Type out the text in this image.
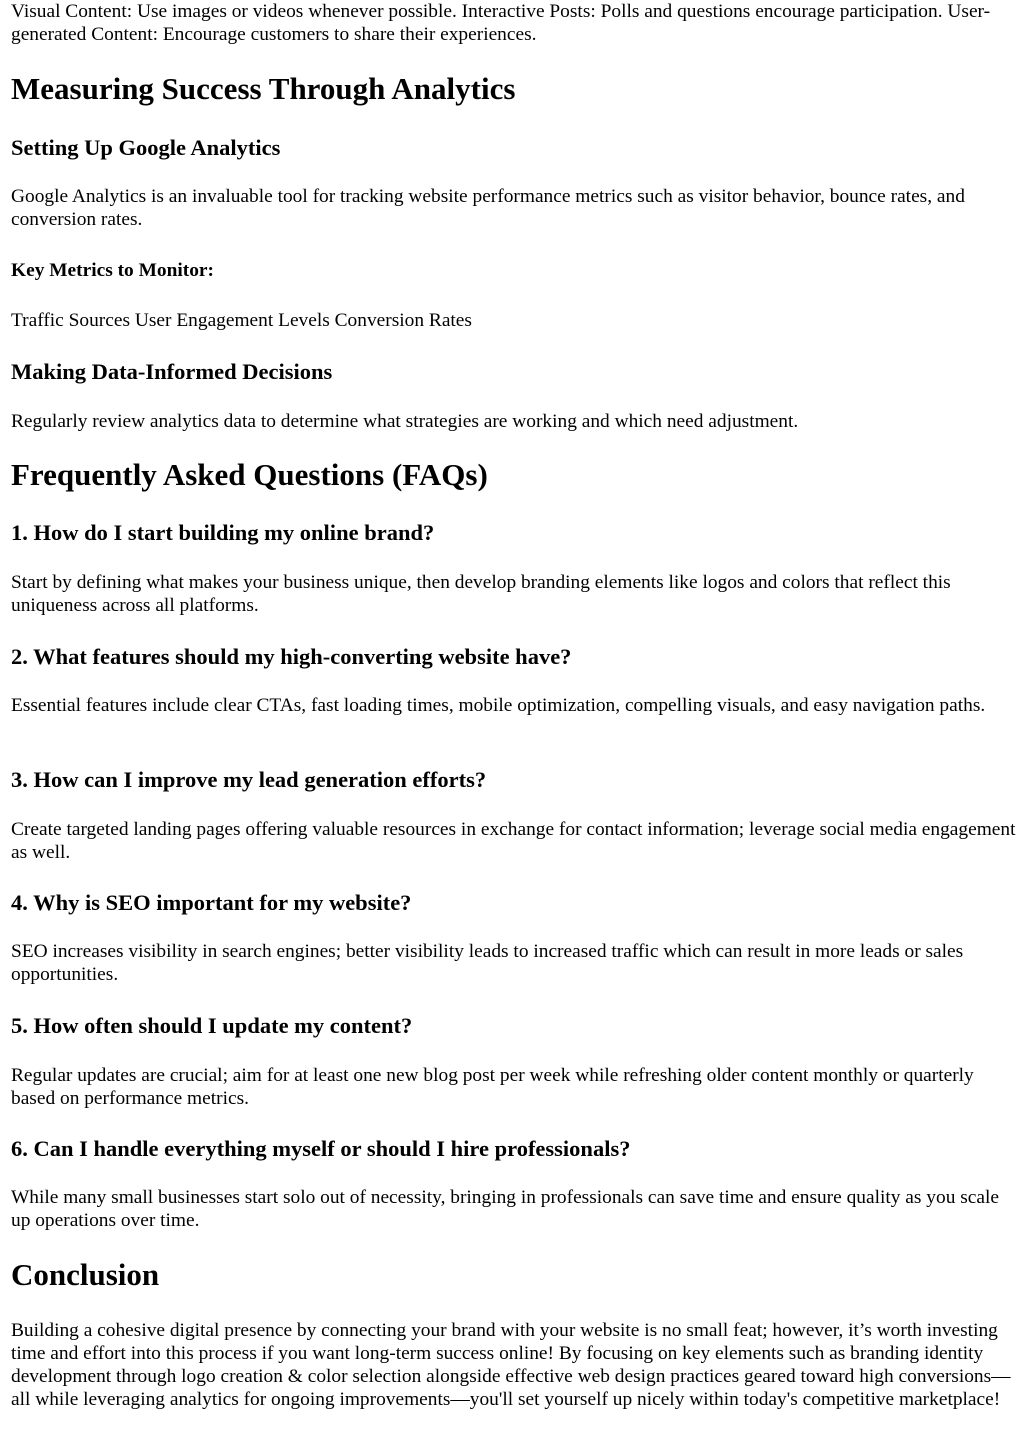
Visual Content: Use images or videos whenever possible. Interactive Posts: Polls and questions encourage participation. User-generated Content: Encourage customers to share their experiences.

Measuring Success Through Analytics
Setting Up Google Analytics

Google Analytics is an invaluable tool for tracking website performance metrics such as visitor behavior, bounce rates, and conversion rates.

Key Metrics to Monitor:

Traffic Sources User Engagement Levels Conversion Rates

Making Data-Informed Decisions

Regularly review analytics data to determine what strategies are working and which need adjustment.

Frequently Asked Questions (FAQs)
1. How do I start building my online brand?

Start by defining what makes your business unique, then develop branding elements like logos and colors that reflect this uniqueness across all platforms.

2. What features should my high-converting website have?

Essential features include clear CTAs, fast loading times, mobile optimization, compelling visuals, and easy navigation paths.

3. How can I improve my lead generation efforts?

Create targeted landing pages offering valuable resources in exchange for contact information; leverage social media engagement as well.

4. Why is SEO important for my website?

SEO increases visibility in search engines; better visibility leads to increased traffic which can result in more leads or sales opportunities.

5. How often should I update my content?

Regular updates are crucial; aim for at least one new blog post per week while refreshing older content monthly or quarterly based on performance metrics.

6. Can I handle everything myself or should I hire professionals?

While many small businesses start solo out of necessity, bringing in professionals can save time and ensure quality as you scale up operations over time.

Conclusion

Building a cohesive digital presence by connecting your brand with your website is no small feat; however, it’s worth investing time and effort into this process if you want long-term success online! By focusing on key elements such as branding identity development through logo creation & color selection alongside effective web design practices geared toward high conversions—all while leveraging analytics for ongoing improvements—you'll set yourself up nicely within today's competitive marketplace!
